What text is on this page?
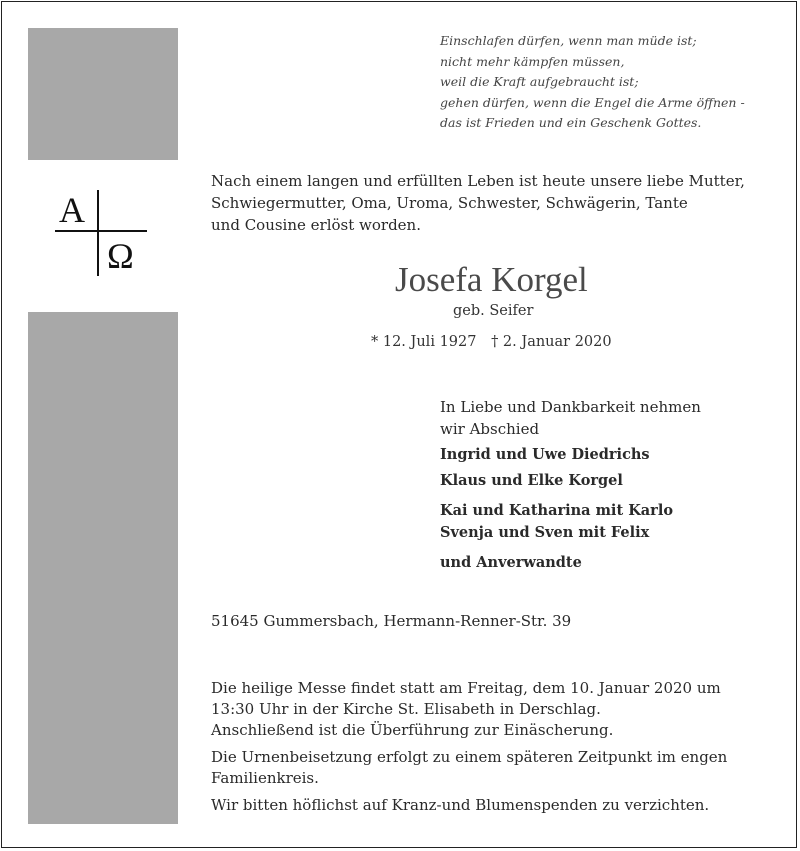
A
Ω
Einschlafen dürfen, wenn man müde ist;
nicht mehr kämpfen müssen,
weil die Kraft aufgebraucht ist;
gehen dürfen, wenn die Engel die Arme öffnen -
das ist Frieden und ein Geschenk Gottes.
Nach einem langen und erfüllten Leben ist heute unsere liebe Mutter,
Schwiegermutter, Oma, Uroma, Schwester, Schwägerin, Tante
und Cousine erlöst worden.
Josefa Korgel
geb. Seifer
* 12. Juli 1927 † 2. Januar 2020
In Liebe und Dankbarkeit nehmen
wir Abschied
Ingrid und Uwe Diedrichs
Klaus und Elke Korgel
Kai und Katharina mit Karlo
Svenja und Sven mit Felix
und Anverwandte
51645 Gummersbach, Hermann-Renner-Str. 39
Die heilige Messe findet statt am Freitag, dem 10. Januar 2020 um
13:30 Uhr in der Kirche St. Elisabeth in Derschlag.
Anschließend ist die Überführung zur Einäscherung.
Die Urnenbeisetzung erfolgt zu einem späteren Zeitpunkt im engen
Familienkreis.
Wir bitten höflichst auf Kranz-und Blumenspenden zu verzichten.
